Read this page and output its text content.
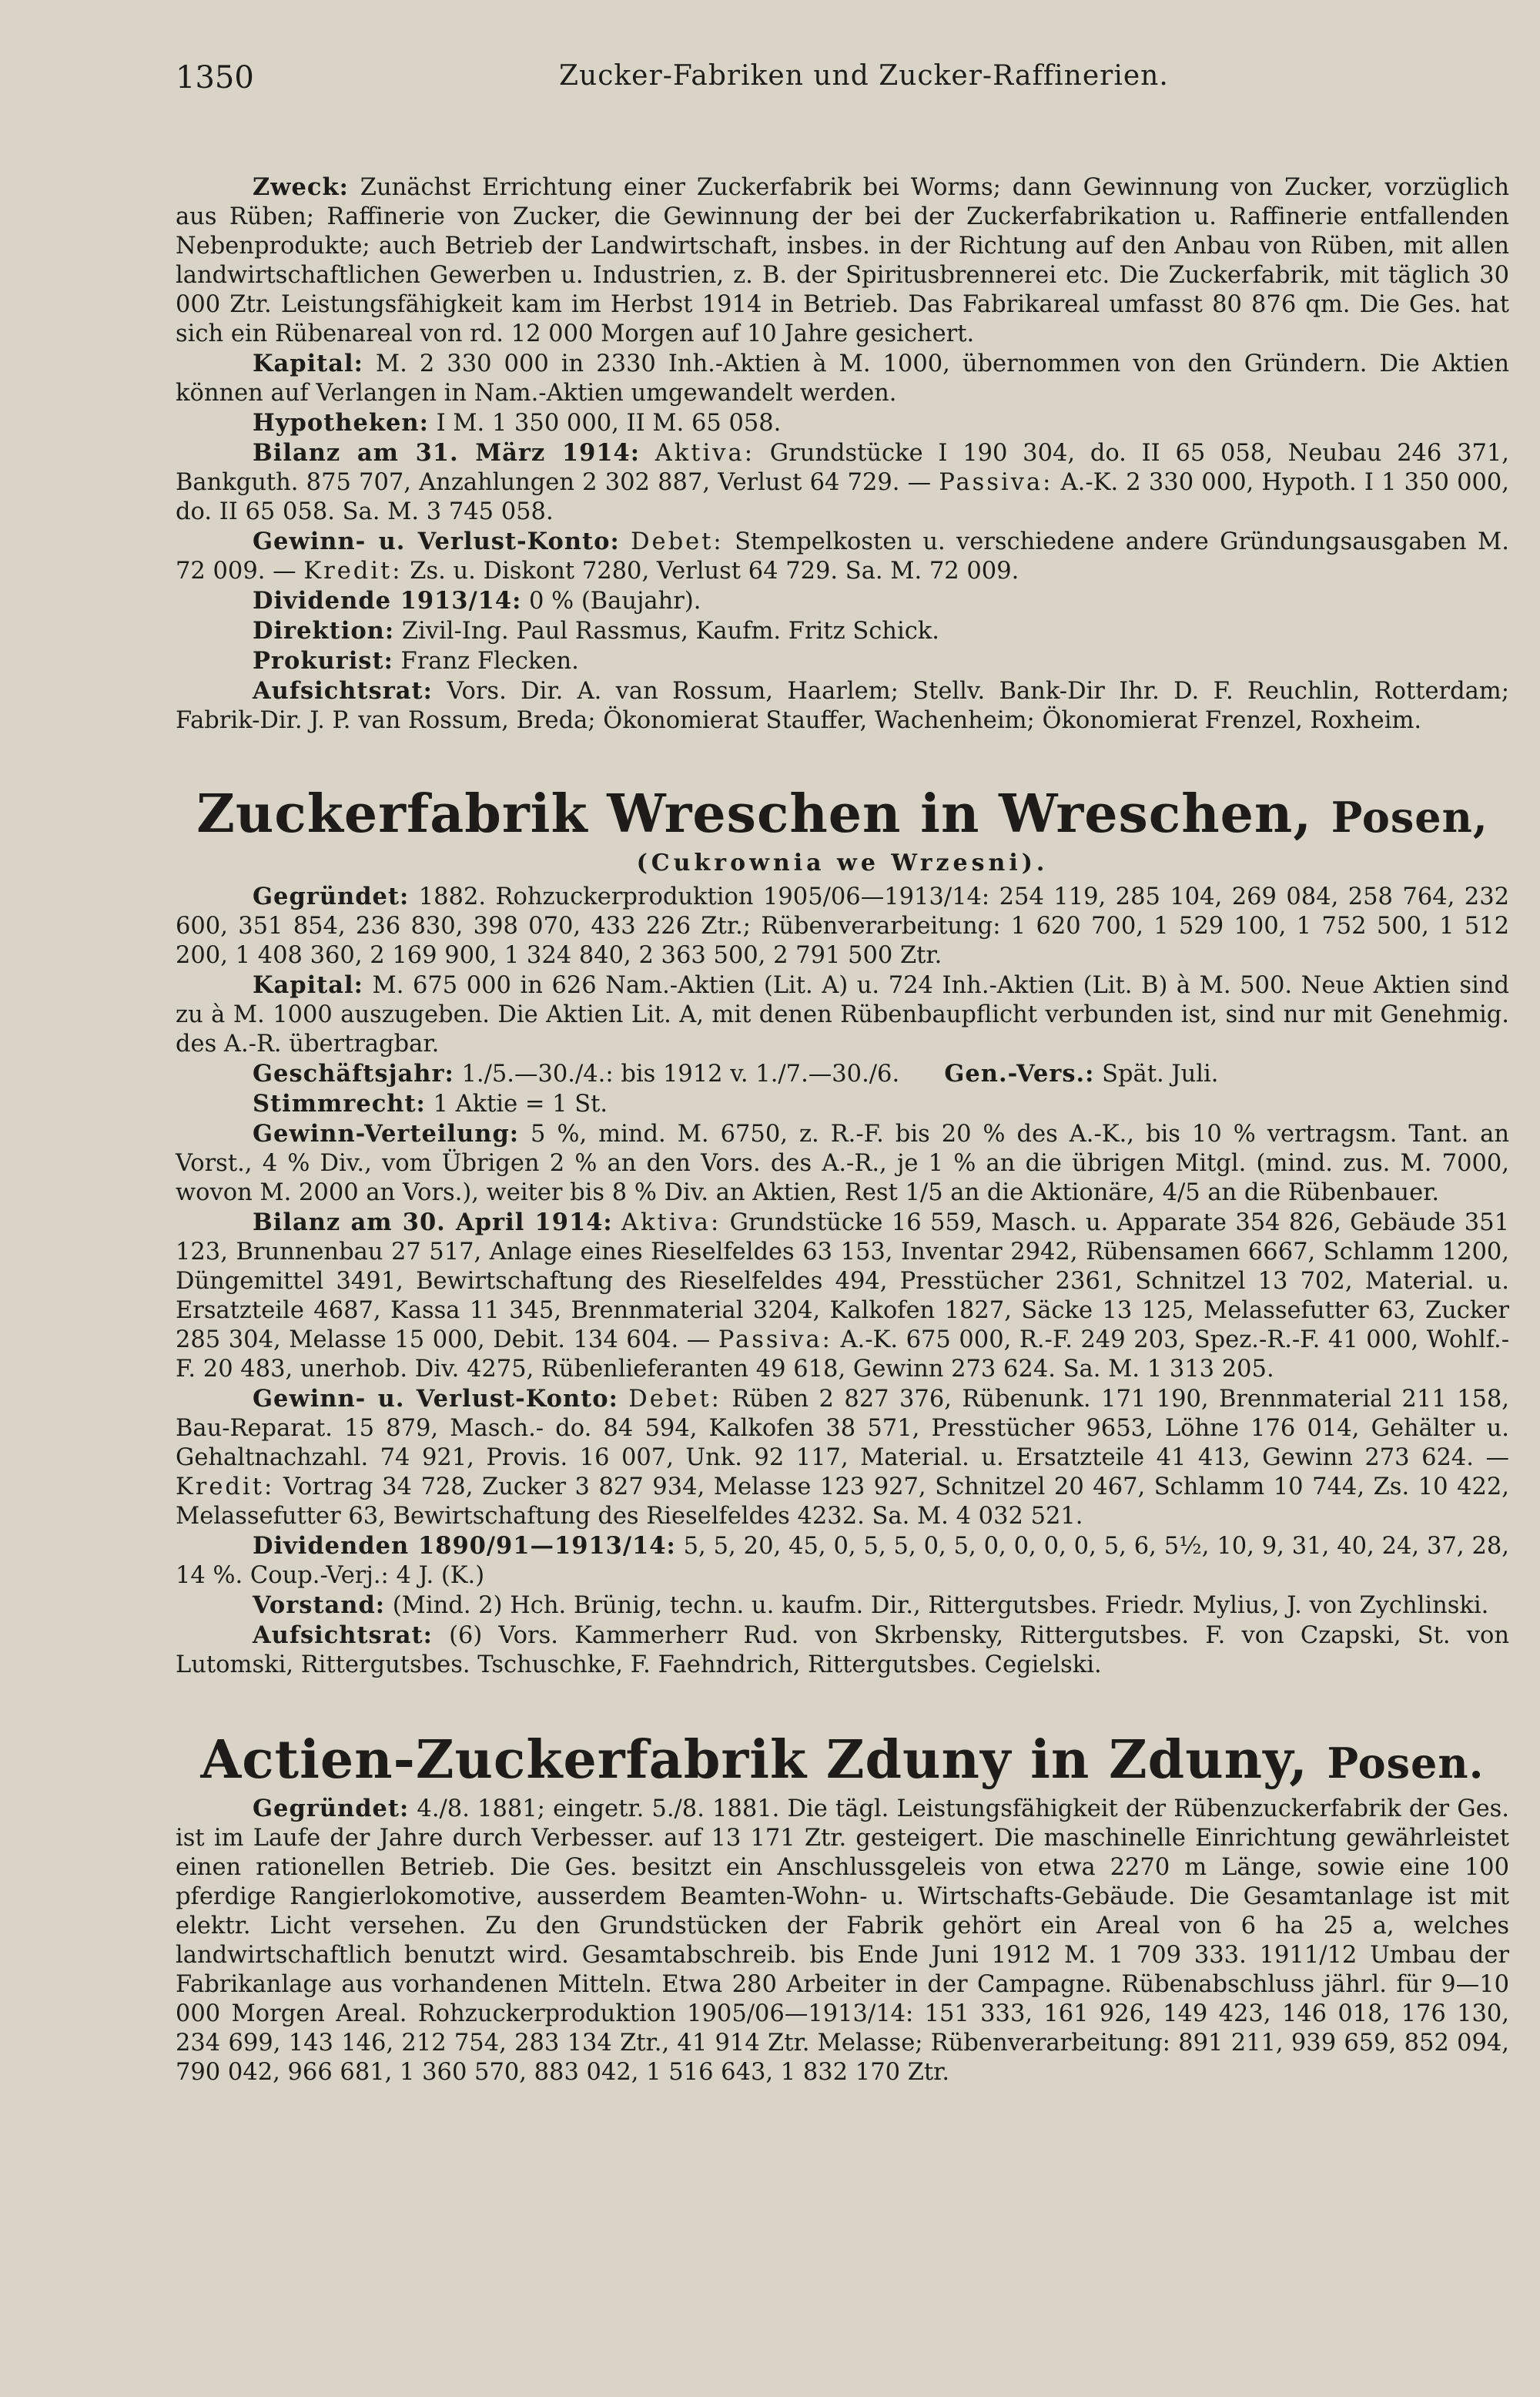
1350	Zucker-Fabriken und Zucker-Raffinerien.

Zweck: Zunächst Errichtung einer Zuckerfabrik bei Worms; dann Gewinnung von Zucker, vorzüglich aus Rüben; Raffinerie von Zucker, die Gewinnung der bei der Zuckerfabrikation u. Raffinerie entfallenden Nebenprodukte; auch Betrieb der Landwirtschaft, insbes. in der Richtung auf den Anbau von Rüben, mit allen landwirtschaftlichen Gewerben u. Industrien, z. B. der Spiritusbrennerei etc. Die Zuckerfabrik, mit täglich 30 000 Ztr. Leistungsfähigkeit kam im Herbst 1914 in Betrieb. Das Fabrikareal umfasst 80 876 qm. Die Ges. hat sich ein Rübenareal von rd. 12 000 Morgen auf 10 Jahre gesichert.

Kapital: M. 2 330 000 in 2330 Inh.-Aktien à M. 1000, übernommen von den Gründern. Die Aktien können auf Verlangen in Nam.-Aktien umgewandelt werden.

Hypotheken: I M. 1 350 000, II M. 65 058.

Bilanz am 31. März 1914: Aktiva: Grundstücke I 190 304, do. II 65 058, Neubau 246 371, Bankguth. 875 707, Anzahlungen 2 302 887, Verlust 64 729. — Passiva: A.-K. 2 330 000, Hypoth. I 1 350 000, do. II 65 058. Sa. M. 3 745 058.

Gewinn- u. Verlust-Konto: Debet: Stempelkosten u. verschiedene andere Gründungsausgaben M. 72 009. — Kredit: Zs. u. Diskont 7280, Verlust 64 729. Sa. M. 72 009.

Dividende 1913/14: 0 % (Baujahr).

Direktion: Zivil-Ing. Paul Rassmus, Kaufm. Fritz Schick.

Prokurist: Franz Flecken.

Aufsichtsrat: Vors. Dir. A. van Rossum, Haarlem; Stellv. Bank-Dir Ihr. D. F. Reuchlin, Rotterdam; Fabrik-Dir. J. P. van Rossum, Breda; Ökonomierat Stauffer, Wachenheim; Ökonomierat Frenzel, Roxheim.

Zuckerfabrik Wreschen in Wreschen, Posen,

(Cukrownia we Wrzesni).

Gegründet: 1882. Rohzuckerproduktion 1905/06—1913/14: 254 119, 285 104, 269 084, 258 764, 232 600, 351 854, 236 830, 398 070, 433 226 Ztr.; Rübenverarbeitung: 1 620 700, 1 529 100, 1 752 500, 1 512 200, 1 408 360, 2 169 900, 1 324 840, 2 363 500, 2 791 500 Ztr.

Kapital: M. 675 000 in 626 Nam.-Aktien (Lit. A) u. 724 Inh.-Aktien (Lit. B) à M. 500. Neue Aktien sind zu à M. 1000 auszugeben. Die Aktien Lit. A, mit denen Rübenbaupflicht verbunden ist, sind nur mit Genehmig. des A.-R. übertragbar.

Geschäftsjahr: 1./5.—30./4.: bis 1912 v. 1./7.—30./6. Gen.-Vers.: Spät. Juli.

Stimmrecht: 1 Aktie = 1 St.

Gewinn-Verteilung: 5 %, mind. M. 6750, z. R.-F. bis 20 % des A.-K., bis 10 % vertragsm. Tant. an Vorst., 4 % Div., vom Übrigen 2 % an den Vors. des A.-R., je 1 % an die übrigen Mitgl. (mind. zus. M. 7000, wovon M. 2000 an Vors.), weiter bis 8 % Div. an Aktien, Rest 1/5 an die Aktionäre, 4/5 an die Rübenbauer.

Bilanz am 30. April 1914: Aktiva: Grundstücke 16 559, Masch. u. Apparate 354 826, Gebäude 351 123, Brunnenbau 27 517, Anlage eines Rieselfeldes 63 153, Inventar 2942, Rübensamen 6667, Schlamm 1200, Düngemittel 3491, Bewirtschaftung des Rieselfeldes 494, Presstücher 2361, Schnitzel 13 702, Material. u. Ersatzteile 4687, Kassa 11 345, Brennmaterial 3204, Kalkofen 1827, Säcke 13 125, Melassefutter 63, Zucker 285 304, Melasse 15 000, Debit. 134 604. — Passiva: A.-K. 675 000, R.-F. 249 203, Spez.-R.-F. 41 000, Wohlf.-F. 20 483, unerhob. Div. 4275, Rübenlieferanten 49 618, Gewinn 273 624. Sa. M. 1 313 205.

Gewinn- u. Verlust-Konto: Debet: Rüben 2 827 376, Rübenunk. 171 190, Brennmaterial 211 158, Bau-Reparat. 15 879, Masch.- do. 84 594, Kalkofen 38 571, Presstücher 9653, Löhne 176 014, Gehälter u. Gehaltnachzahl. 74 921, Provis. 16 007, Unk. 92 117, Material. u. Ersatzteile 41 413, Gewinn 273 624. — Kredit: Vortrag 34 728, Zucker 3 827 934, Melasse 123 927, Schnitzel 20 467, Schlamm 10 744, Zs. 10 422, Melassefutter 63, Bewirtschaftung des Rieselfeldes 4232. Sa. M. 4 032 521.

Dividenden 1890/91—1913/14: 5, 5, 20, 45, 0, 5, 5, 0, 5, 0, 0, 0, 0, 5, 6, 5½, 10, 9, 31, 40, 24, 37, 28, 14 %. Coup.-Verj.: 4 J. (K.)

Vorstand: (Mind. 2) Hch. Brünig, techn. u. kaufm. Dir., Rittergutsbes. Friedr. Mylius, J. von Zychlinski.

Aufsichtsrat: (6) Vors. Kammerherr Rud. von Skrbensky, Rittergutsbes. F. von Czapski, St. von Lutomski, Rittergutsbes. Tschuschke, F. Faehndrich, Rittergutsbes. Cegielski.

Actien-Zuckerfabrik Zduny in Zduny, Posen.

Gegründet: 4./8. 1881; eingetr. 5./8. 1881. Die tägl. Leistungsfähigkeit der Rübenzuckerfabrik der Ges. ist im Laufe der Jahre durch Verbesser. auf 13 171 Ztr. gesteigert. Die maschinelle Einrichtung gewährleistet einen rationellen Betrieb. Die Ges. besitzt ein Anschlussgeleis von etwa 2270 m Länge, sowie eine 100 pferdige Rangierlokomotive, ausserdem Beamten-Wohn- u. Wirtschafts-Gebäude. Die Gesamtanlage ist mit elektr. Licht versehen. Zu den Grundstücken der Fabrik gehört ein Areal von 6 ha 25 a, welches landwirtschaftlich benutzt wird. Gesamtabschreib. bis Ende Juni 1912 M. 1 709 333. 1911/12 Umbau der Fabrikanlage aus vorhandenen Mitteln. Etwa 280 Arbeiter in der Campagne. Rübenabschluss jährl. für 9—10 000 Morgen Areal. Rohzuckerproduktion 1905/06—1913/14: 151 333, 161 926, 149 423, 146 018, 176 130, 234 699, 143 146, 212 754, 283 134 Ztr., 41 914 Ztr. Melasse; Rübenverarbeitung: 891 211, 939 659, 852 094, 790 042, 966 681, 1 360 570, 883 042, 1 516 643, 1 832 170 Ztr.
